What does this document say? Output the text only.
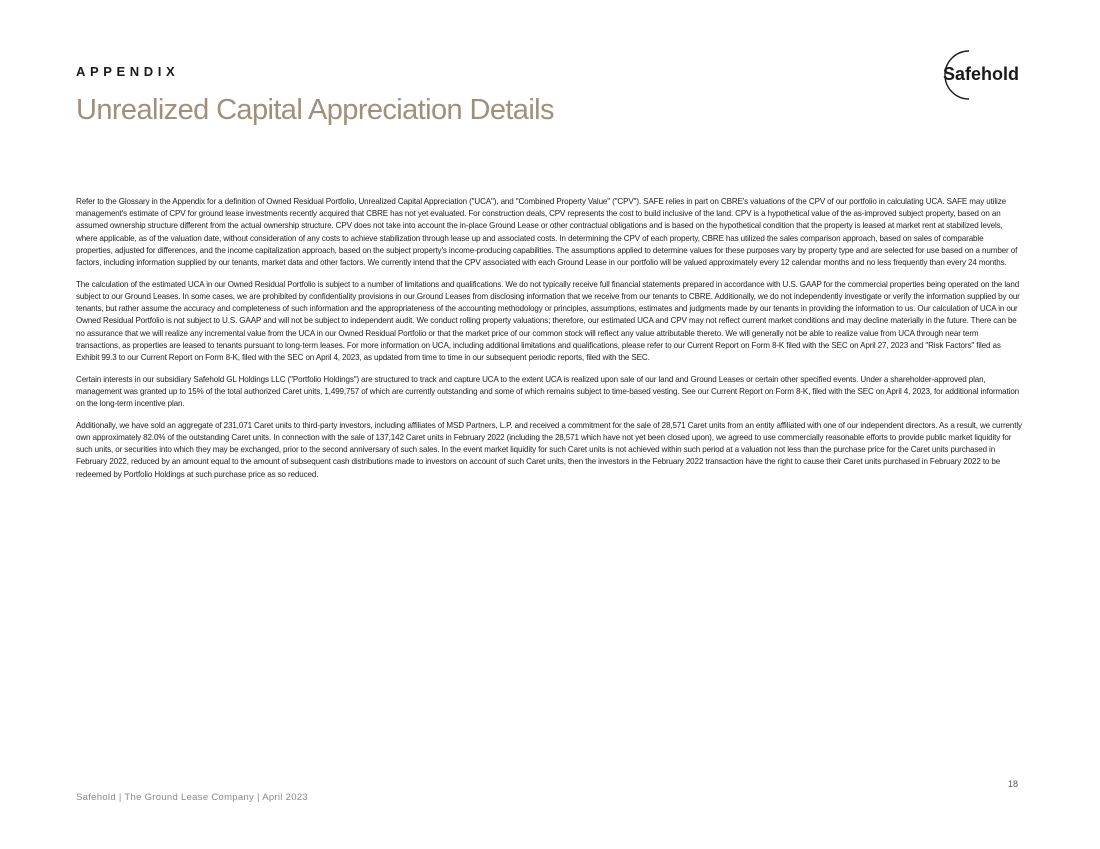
APPENDIX
Unrealized Capital Appreciation Details
Safehold

Refer to the Glossary in the Appendix for a definition of Owned Residual Portfolio, Unrealized Capital Appreciation ("UCA"), and "Combined Property Value" ("CPV"). SAFE relies in part on CBRE's valuations of the CPV of our portfolio in calculating UCA. SAFE may utilize management's estimate of CPV for ground lease investments recently acquired that CBRE has not yet evaluated. For construction deals, CPV represents the cost to build inclusive of the land. CPV is a hypothetical value of the as-improved subject property, based on an assumed ownership structure different from the actual ownership structure. CPV does not take into account the in-place Ground Lease or other contractual obligations and is based on the hypothetical condition that the property is leased at market rent at stabilized levels, where applicable, as of the valuation date, without consideration of any costs to achieve stabilization through lease up and associated costs. In determining the CPV of each property, CBRE has utilized the sales comparison approach, based on sales of comparable properties, adjusted for differences, and the income capitalization approach, based on the subject property's income-producing capabilities. The assumptions applied to determine values for these purposes vary by property type and are selected for use based on a number of factors, including information supplied by our tenants, market data and other factors. We currently intend that the CPV associated with each Ground Lease in our portfolio will be valued approximately every 12 calendar months and no less frequently than every 24 months.

The calculation of the estimated UCA in our Owned Residual Portfolio is subject to a number of limitations and qualifications. We do not typically receive full financial statements prepared in accordance with U.S. GAAP for the commercial properties being operated on the land subject to our Ground Leases. In some cases, we are prohibited by confidentiality provisions in our Ground Leases from disclosing information that we receive from our tenants to CBRE. Additionally, we do not independently investigate or verify the information supplied by our tenants, but rather assume the accuracy and completeness of such information and the appropriateness of the accounting methodology or principles, assumptions, estimates and judgments made by our tenants in providing the information to us. Our calculation of UCA in our Owned Residual Portfolio is not subject to U.S. GAAP and will not be subject to independent audit. We conduct rolling property valuations; therefore, our estimated UCA and CPV may not reflect current market conditions and may decline materially in the future. There can be no assurance that we will realize any incremental value from the UCA in our Owned Residual Portfolio or that the market price of our common stock will reflect any value attributable thereto. We will generally not be able to realize value from UCA through near term transactions, as properties are leased to tenants pursuant to long-term leases. For more information on UCA, including additional limitations and qualifications, please refer to our Current Report on Form 8-K filed with the SEC on April 27, 2023 and "Risk Factors" filed as Exhibit 99.3 to our Current Report on Form 8-K, filed with the SEC on April 4, 2023, as updated from time to time in our subsequent periodic reports, filed with the SEC.

Certain interests in our subsidiary Safehold GL Holdings LLC ("Portfolio Holdings") are structured to track and capture UCA to the extent UCA is realized upon sale of our land and Ground Leases or certain other specified events. Under a shareholder-approved plan, management was granted up to 15% of the total authorized Caret units, 1,499,757 of which are currently outstanding and some of which remains subject to time-based vesting. See our Current Report on Form 8-K, filed with the SEC on April 4, 2023, for additional information on the long-term incentive plan.

Additionally, we have sold an aggregate of 231,071 Caret units to third-party investors, including affiliates of MSD Partners, L.P. and received a commitment for the sale of 28,571 Caret units from an entity affiliated with one of our independent directors. As a result, we currently own approximately 82.0% of the outstanding Caret units. In connection with the sale of 137,142 Caret units in February 2022 (including the 28,571 which have not yet been closed upon), we agreed to use commercially reasonable efforts to provide public market liquidity for such units, or securities into which they may be exchanged, prior to the second anniversary of such sales. In the event market liquidity for such Caret units is not achieved within such period at a valuation not less than the purchase price for the Caret units purchased in February 2022, reduced by an amount equal to the amount of subsequent cash distributions made to investors on account of such Caret units, then the investors in the February 2022 transaction have the right to cause their Caret units purchased in February 2022 to be redeemed by Portfolio Holdings at such purchase price as so reduced.

18
Safehold | The Ground Lease Company | April 2023
